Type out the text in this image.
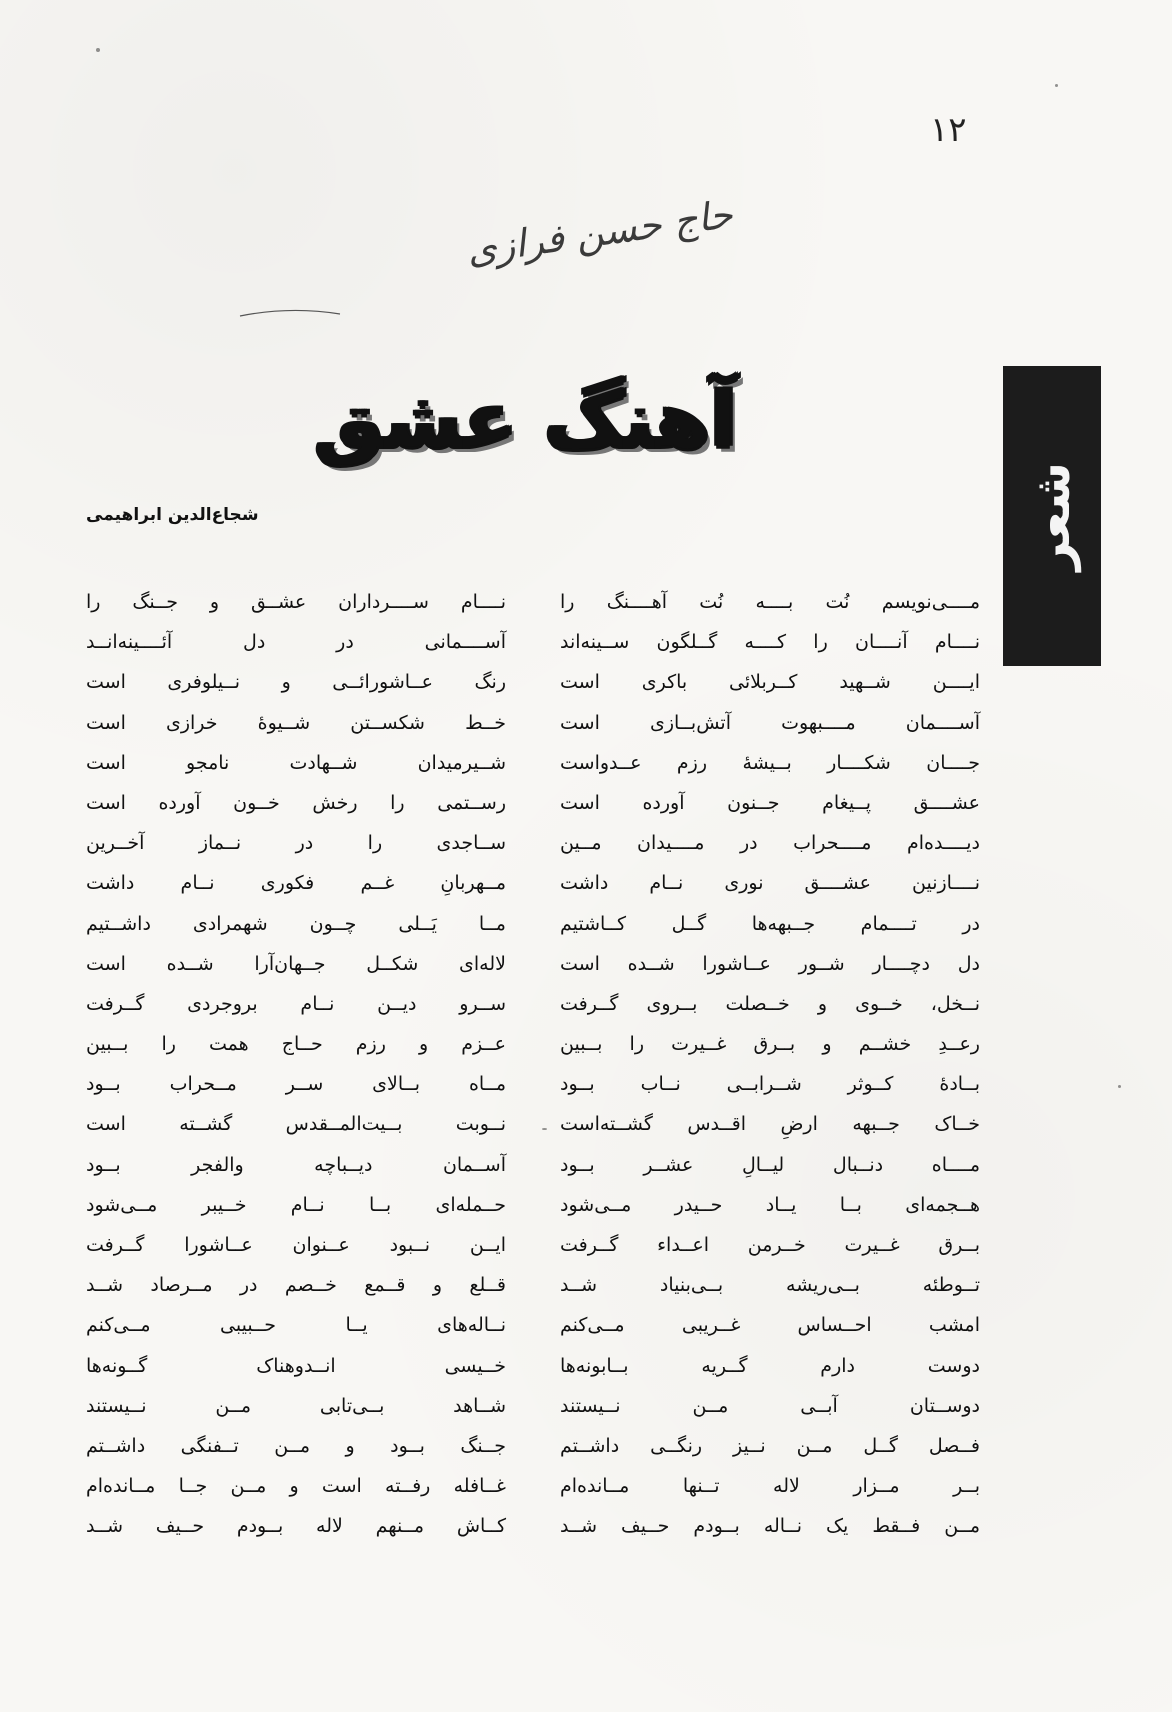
۱۲
حاج حسن فرازی
آهنگ عشق
شجاع‌الدین ابراهیمی	شعر
مــــی‌نویسم نُت بــــه نُت آهــــنگ را
نــــام آنــــان را کــــه گــلگون ســینه‌اند
ایــــن شــهید کــربلائی باکری است
آســــمان مــــبهوت آتش‌بــازی است
جــــان شکــــار بــیشهٔ رزم عــدواست
عشــــق پــیغام جــنون آورده است
دیــــده‌ام مــــحراب در مــــیدان مــین
نــــازنین عشــــق نوری نــام داشت
در تــــمام جــبهه‌ها گــل کــاشتیم
دل دچــــار شــور عــاشورا شــده است
نــخل، خــوی و خــصلت بــروی گــرفت
رعــدِ خشــم و بــرق غــیرت را بــبین
بــادهٔ کــوثر شــرابــی نــاب بــود
خــاک جــبهه ارضِ اقــدس گشــته‌است
مــــاه دنــبال لیــالِ عشــر بــود
هــجمه‌ای بــا یــاد حــیدر مــی‌شود
بــرق غــیرت خــرمن اعــداء گــرفت
تــوطئه بــی‌ریشه بــی‌بنیاد شــد
امشب احــساس غــریبی مــی‌کنم
دوست دارم گــریه بــابونه‌ها
دوســتان آبــی مــن نــیستند
فــصل گــل مــن نــیز رنگــی داشــتم
بــر مــزار لاله تــنها مــانده‌ام
مــن فــقط یک نــاله بــودم حــیف شــد
نــــام ســــرداران عشــق و جــنگ را
آســــمانی در دل آئــــینه‌انــد
رنگ عــاشورائــی و نــیلوفری است
خــط شکســتن شــیوهٔ خرازی است
شــیرمیدان شــهادت نامجو است
رســتمی را رخش خــون آورده است
ســاجدی را در نــماز آخــرین
مــهربانِ غــم فکوری نــام داشت
مــا یَــلی چــون شهمرادی داشــتیم
لاله‌ای شکــل جــهان‌آرا شــده است
ســرو دیــن نــام بروجردی گــرفت
عــزم و رزم حــاج همت را بــبین
مــاه بــالای ســر مــحراب بــود
نــوبت بــیت‌المــقدس گشــته است
آســمان دیــباچه والفجر بــود
حــمله‌ای بــا نــام خــیبر مــی‌شود
ایــن نــبود عــنوان عــاشورا گــرفت
قــلع و قــمع خــصم در مــرصاد شــد
نــاله‌های یــا حــبیبی مــی‌کنم
خــیسی انــدوهناک گــونه‌ها
شــاهد بــی‌تابی مــن نــیستند
جــنگ بــود و مــن تــفنگی داشــتم
غــافله رفــته است و مــن جــا مــانده‌ام
کــاش مــنهم لاله بــودم حــیف شــد
